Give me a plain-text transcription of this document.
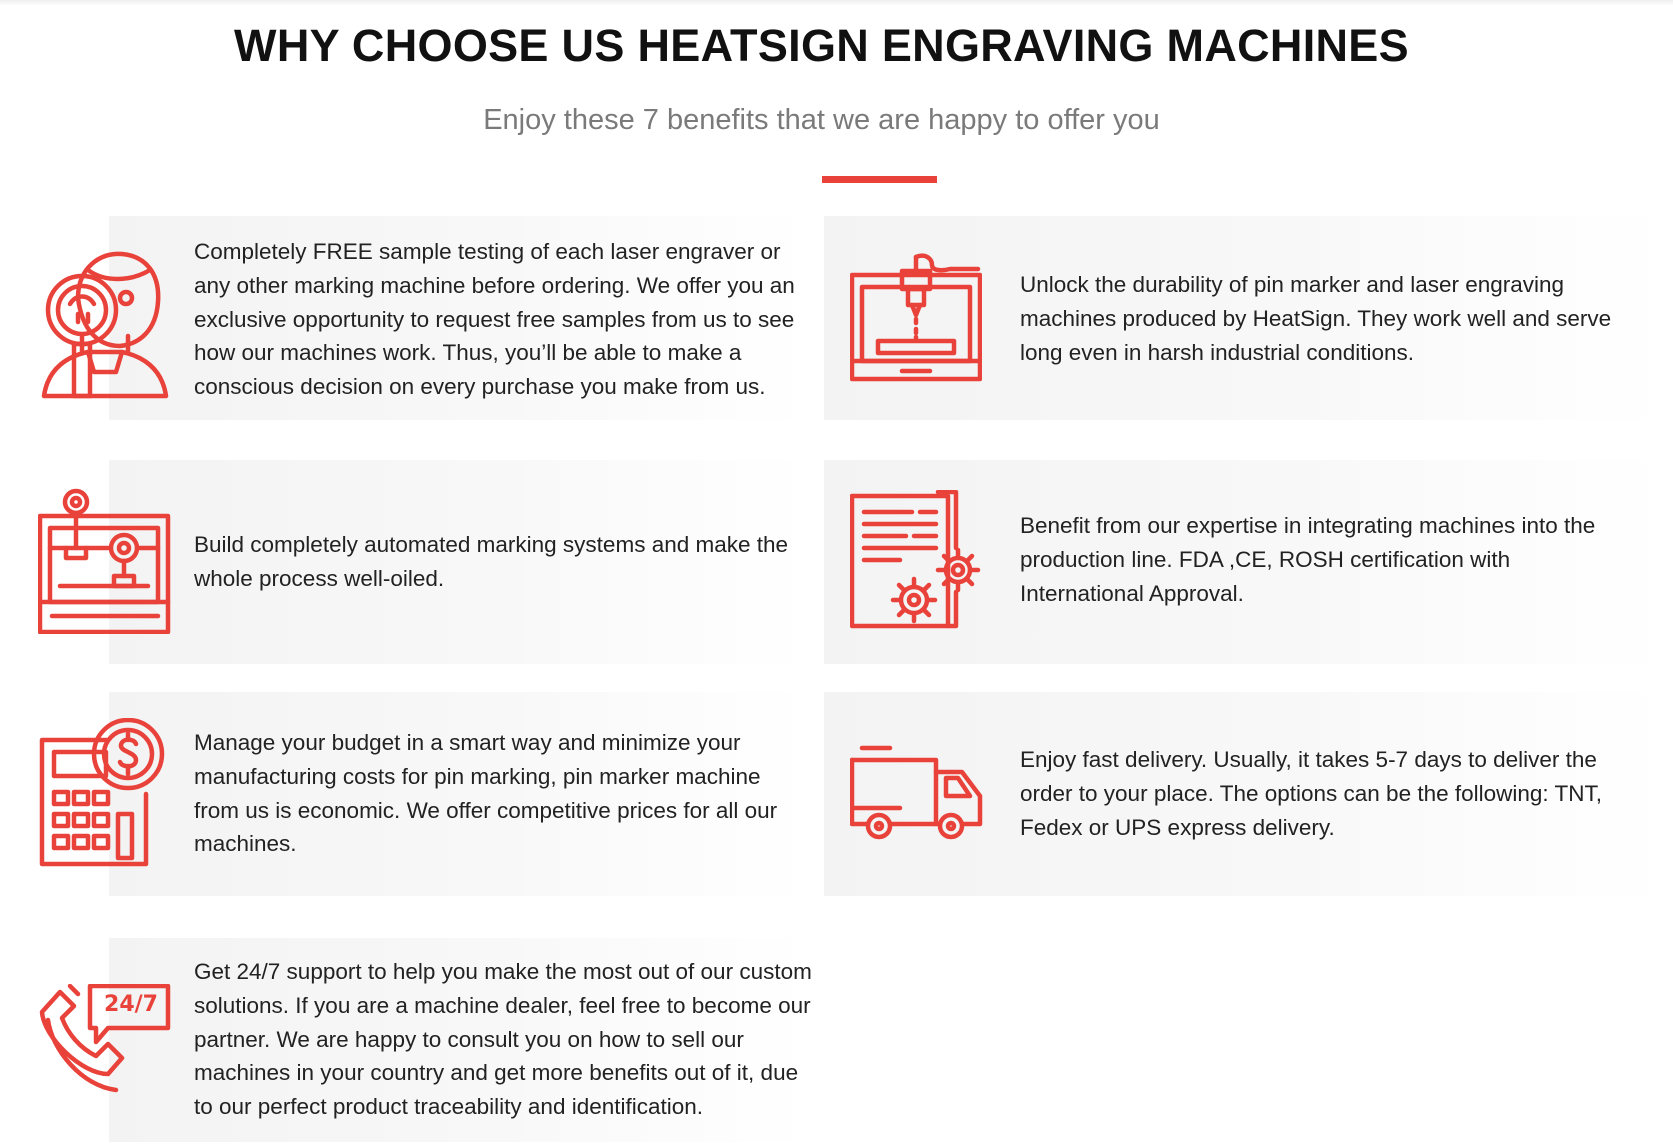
WHY CHOOSE US HEATSIGN ENGRAVING MACHINES

Enjoy these 7 benefits that we are happy to offer you

Completely FREE sample testing of each laser engraver or any other marking machine before ordering. We offer you an exclusive opportunity to request free samples from us to see how our machines work. Thus, you’ll be able to make a conscious decision on every purchase you make from us.

Unlock the durability of pin marker and laser engraving machines produced by HeatSign. They work well and serve long even in harsh industrial conditions.

Build completely automated marking systems and make the whole process well-oiled.

Benefit from our expertise in integrating machines into the production line. FDA ,CE, ROSH certification with International Approval.

Manage your budget in a smart way and minimize your manufacturing costs for pin marking, pin marker machine from us is economic. We offer competitive prices for all our machines.

Enjoy fast delivery. Usually, it takes 5-7 days to deliver the order to your place. The options can be the following: TNT, Fedex or UPS express delivery.

24/7

Get 24/7 support to help you make the most out of our custom solutions. If you are a machine dealer, feel free to become our partner. We are happy to consult you on how to sell our machines in your country and get more benefits out of it, due to our perfect product traceability and identification.
